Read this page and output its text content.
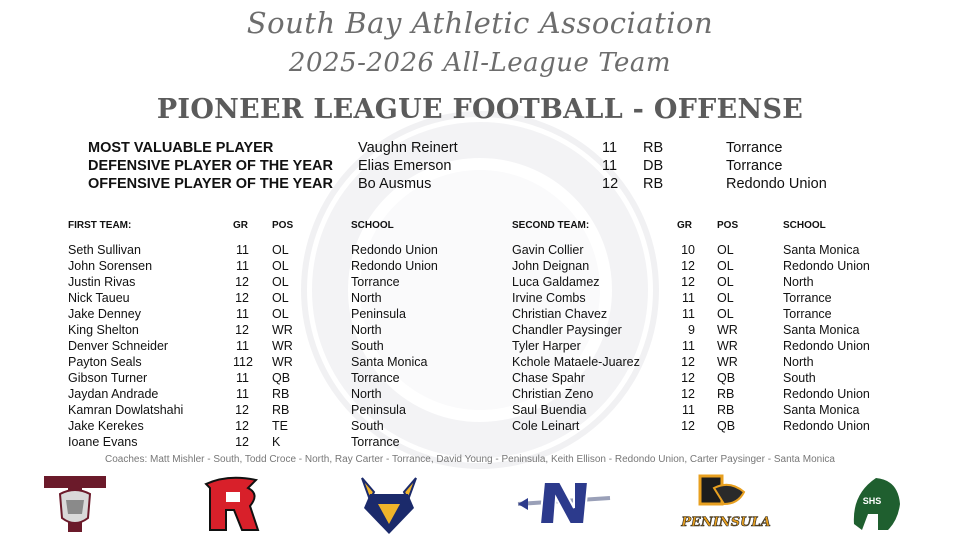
South Bay Athletic Association
2025-2026 All-League Team
PIONEER LEAGUE FOOTBALL - OFFENSE
MOST VALUABLE PLAYER	Vaughn Reinert	11 RB	Torrance
DEFENSIVE PLAYER OF THE YEAR Elias Emerson	11 DB	Torrance
OFFENSIVE PLAYER OF THE YEAR Bo Ausmus	12 RB	Redondo Union
FIRST TEAM:	GR POS	SCHOOL
Seth Sullivan	11 OL	Redondo Union
John Sorensen	11 OL	Redondo Union
Justin Rivas	12 OL	Torrance
Nick Taueu	12 OL	North
Jake Denney	11 OL	Peninsula
King Shelton	12 WR	North
Denver Schneider	11 WR	South
Payton Seals	112 WR	Santa Monica
Gibson Turner	11 QB	Torrance
Jaydan Andrade	11 RB	North
Kamran Dowlatshahi	12 RB	Peninsula
Jake Kerekes	12 TE	South
Ioane Evans	12 K	Torrance
SECOND TEAM:	GR	POS	SCHOOL
Gavin Collier	10 OL	Santa Monica
John Deignan	12 OL	Redondo Union
Luca Galdamez	12 OL	North
Irvine Combs	11 OL	Torrance
Christian Chavez	11 OL	Torrance
Chandler Paysinger	9 WR	Santa Monica
Tyler Harper	11 WR	Redondo Union
Kchole Mataele-Juarez	12 WR	North
Chase Spahr	12 QB	South
Christian Zeno	12 RB	Redondo Union
Saul Buendia	11 RB	Santa Monica
Cole Leinart	12 QB	Redondo Union
Coaches: Matt Mishler - South, Todd Croce - North, Ray Carter - Torrance, David Young - Peninsula, Keith Ellison - Redondo Union, Carter Paysinger - Santa Monica
PENINSULA
SHS
